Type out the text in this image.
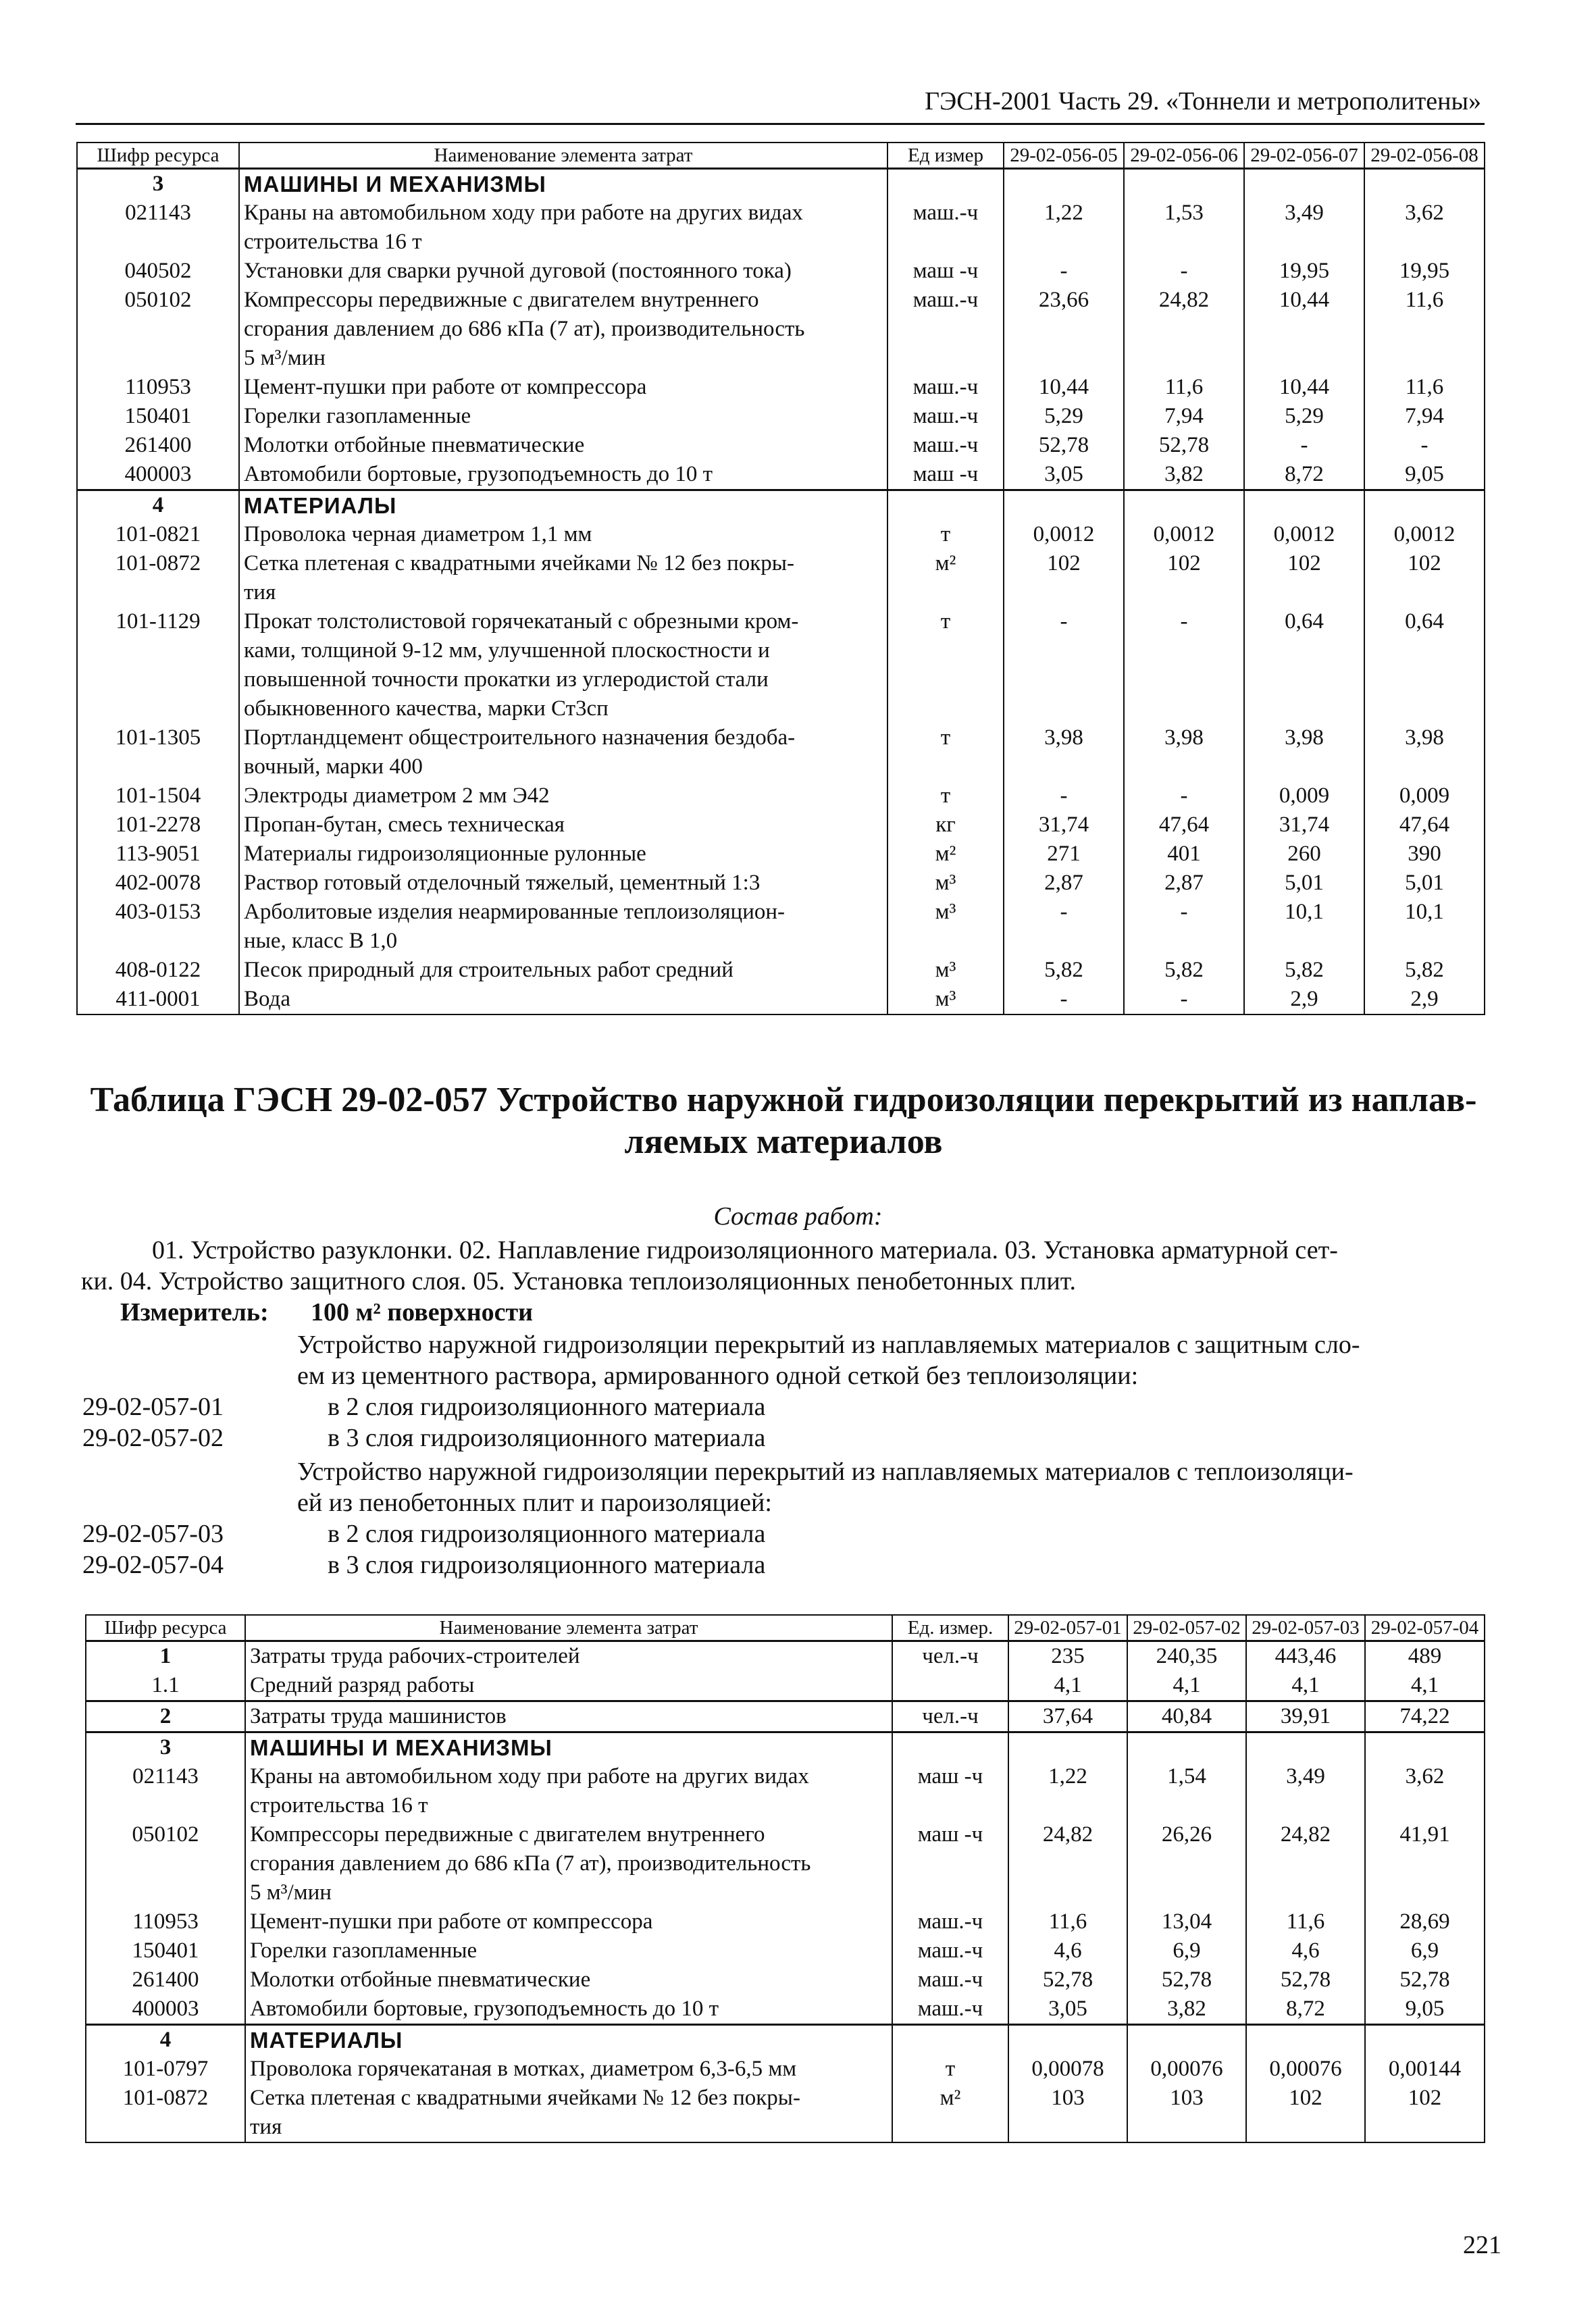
ГЭСН-2001 Часть 29. «Тоннели и метрополитены»
Шифр ресурса	Наименование элемента затрат	Ед измер	29-02-056-05	29-02-056-06	29-02-056-07	29-02-056-08
3	МАШИНЫ И МЕХАНИЗМЫ					
021143	Краны на автомобильном ходу при работе на других видах
строительства 16 т	маш.-ч	1,22	1,53	3,49	3,62
040502	Установки для сварки ручной дуговой (постоянного тока)	маш -ч	-	-	19,95	19,95
050102	Компрессоры передвижные с двигателем внутреннего
сгорания давлением до 686 кПа (7 ат), производительность
5 м³/мин	маш.-ч	23,66	24,82	10,44	11,6
110953	Цемент-пушки при работе от компрессора	маш.-ч	10,44	11,6	10,44	11,6
150401	Горелки газопламенные	маш.-ч	5,29	7,94	5,29	7,94
261400	Молотки отбойные пневматические	маш.-ч	52,78	52,78	-	-
400003	Автомобили бортовые, грузоподъемность до 10 т	маш -ч	3,05	3,82	8,72	9,05
4	МАТЕРИАЛЫ					
101-0821	Проволока черная диаметром 1,1 мм	т	0,0012	0,0012	0,0012	0,0012
101-0872	Сетка плетеная с квадратными ячейками № 12 без покры-
тия	м²	102	102	102	102
101-1129	Прокат толстолистовой горячекатаный с обрезными кром-
ками, толщиной 9-12 мм, улучшенной плоскостности и
повышенной точности прокатки из углеродистой стали
обыкновенного качества, марки Ст3сп	т	-	-	0,64	0,64
101-1305	Портландцемент общестроительного назначения бездоба-
вочный, марки 400	т	3,98	3,98	3,98	3,98
101-1504	Электроды диаметром 2 мм Э42	т	-	-	0,009	0,009
101-2278	Пропан-бутан, смесь техническая	кг	31,74	47,64	31,74	47,64
113-9051	Материалы гидроизоляционные рулонные	м²	271	401	260	390
402-0078	Раствор готовый отделочный тяжелый, цементный 1:3	м³	2,87	2,87	5,01	5,01
403-0153	Арболитовые изделия неармированные теплоизоляцион-
ные, класс В 1,0	м³	-	-	10,1	10,1
408-0122	Песок природный для строительных работ средний	м³	5,82	5,82	5,82	5,82
411-0001	Вода	м³	-	-	2,9	2,9
Таблица ГЭСН 29-02-057 Устройство наружной гидроизоляции перекрытий из наплав-
ляемых материалов
Состав работ:
01. Устройство разуклонки. 02. Наплавление гидроизоляционного материала. 03. Установка арматурной сет-
ки. 04. Устройство защитного слоя. 05. Установка теплоизоляционных пенобетонных плит.
Измеритель: 100 м² поверхности
Устройство наружной гидроизоляции перекрытий из наплавляемых материалов с защитным сло-
ем из цементного раствора, армированного одной сеткой без теплоизоляции:
29-02-057-01	в 2 слоя гидроизоляционного материала
29-02-057-02	в 3 слоя гидроизоляционного материала
Устройство наружной гидроизоляции перекрытий из наплавляемых материалов с теплоизоляци-
ей из пенобетонных плит и пароизоляцией:
29-02-057-03	в 2 слоя гидроизоляционного материала
29-02-057-04	в 3 слоя гидроизоляционного материала
Шифр ресурса	Наименование элемента затрат	Ед. измер.	29-02-057-01	29-02-057-02	29-02-057-03	29-02-057-04
1	Затраты труда рабочих-строителей	чел.-ч	235	240,35	443,46	489
1.1	Средний разряд работы		4,1	4,1	4,1	4,1
2	Затраты труда машинистов	чел.-ч	37,64	40,84	39,91	74,22
3	МАШИНЫ И МЕХАНИЗМЫ					
021143	Краны на автомобильном ходу при работе на других видах
строительства 16 т	маш -ч	1,22	1,54	3,49	3,62
050102	Компрессоры передвижные с двигателем внутреннего
сгорания давлением до 686 кПа (7 ат), производительность
5 м³/мин	маш -ч	24,82	26,26	24,82	41,91
110953	Цемент-пушки при работе от компрессора	маш.-ч	11,6	13,04	11,6	28,69
150401	Горелки газопламенные	маш.-ч	4,6	6,9	4,6	6,9
261400	Молотки отбойные пневматические	маш.-ч	52,78	52,78	52,78	52,78
400003	Автомобили бортовые, грузоподъемность до 10 т	маш.-ч	3,05	3,82	8,72	9,05
4	МАТЕРИАЛЫ					
101-0797	Проволока горячекатаная в мотках, диаметром 6,3-6,5 мм	т	0,00078	0,00076	0,00076	0,00144
101-0872	Сетка плетеная с квадратными ячейками № 12 без покры-
тия	м²	103	103	102	102
221
